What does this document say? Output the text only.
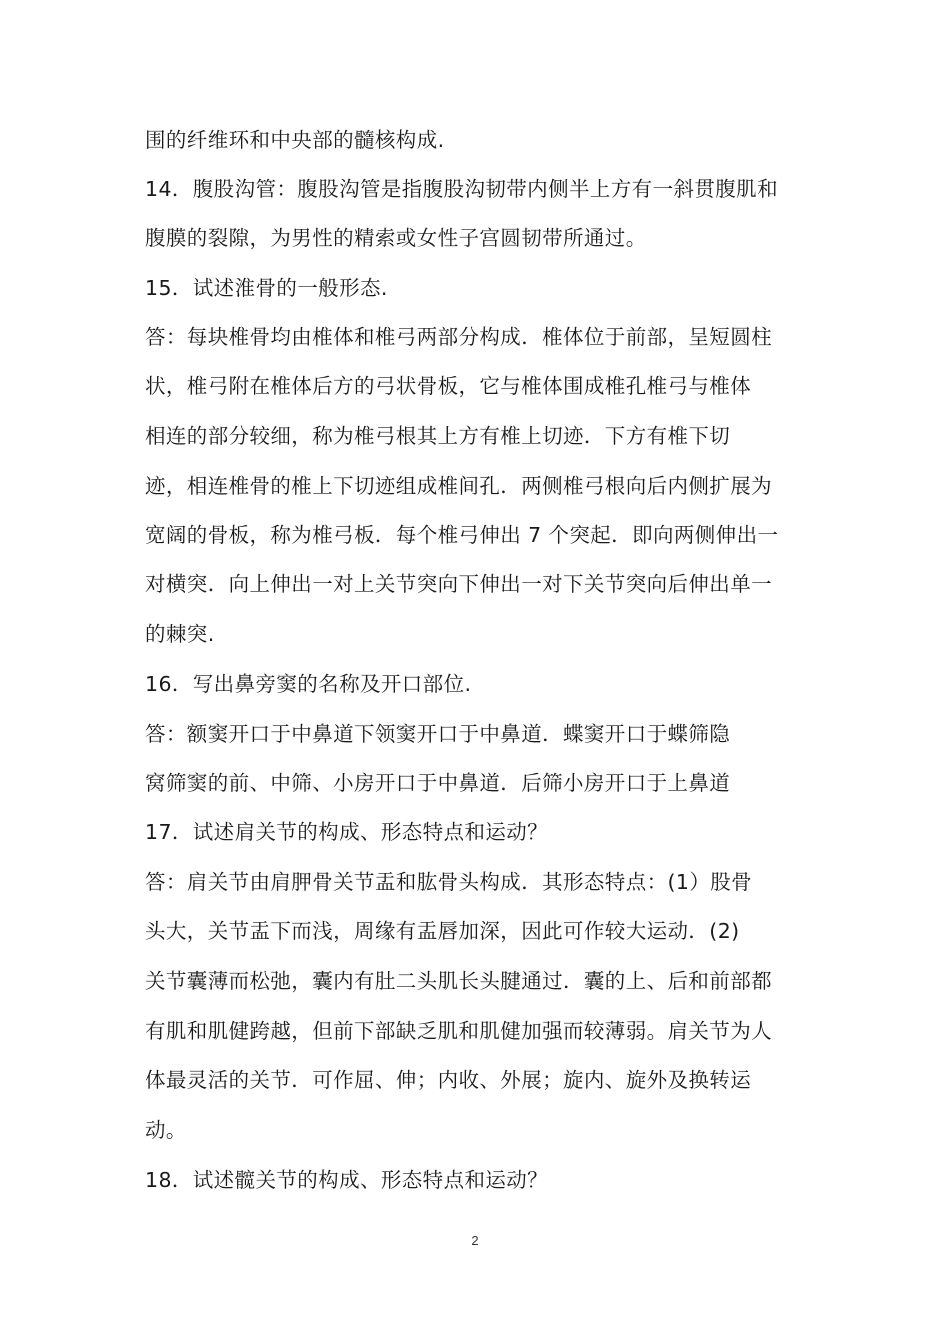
围的纤维环和中央部的髓核构成.
14．腹股沟管：腹股沟管是指腹股沟韧带内侧半上方有一斜贯腹肌和
腹膜的裂隙，为男性的精索或女性子宫圆韧带所通过。
15．试述淮骨的一般形态.
答：每块椎骨均由椎体和椎弓两部分构成．椎体位于前部，呈短圆柱
状，椎弓附在椎体后方的弓状骨板，它与椎体围成椎孔椎弓与椎体
相连的部分较细，称为椎弓根其上方有椎上切迹．下方有椎下切
迹，相连椎骨的椎上下切迹组成椎间孔．两侧椎弓根向后内侧扩展为
宽阔的骨板，称为椎弓板．每个椎弓伸出 7 个突起．即向两侧伸出一
对横突．向上伸出一对上关节突向下伸出一对下关节突向后伸出单一
的棘突.
16．写出鼻旁窦的名称及开口部位.
答：额窦开口于中鼻道下领窦开口于中鼻道．蝶窦开口于蝶筛隐
窝筛窦的前、中筛、小房开口于中鼻道．后筛小房开口于上鼻道
17．试述肩关节的构成、形态特点和运动？
答：肩关节由肩胛骨关节盂和肱骨头构成．其形态特点：(1）股骨
头大，关节盂下而浅，周缘有盂唇加深，因此可作较大运动．(2)
关节囊薄而松弛，囊内有肚二头肌长头腱通过．囊的上、后和前部都
有肌和肌健跨越，但前下部缺乏肌和肌健加强而较薄弱。肩关节为人
体最灵活的关节．可作屈、伸；内收、外展；旋内、旋外及换转运
动。
18．试述髋关节的构成、形态特点和运动？
2
